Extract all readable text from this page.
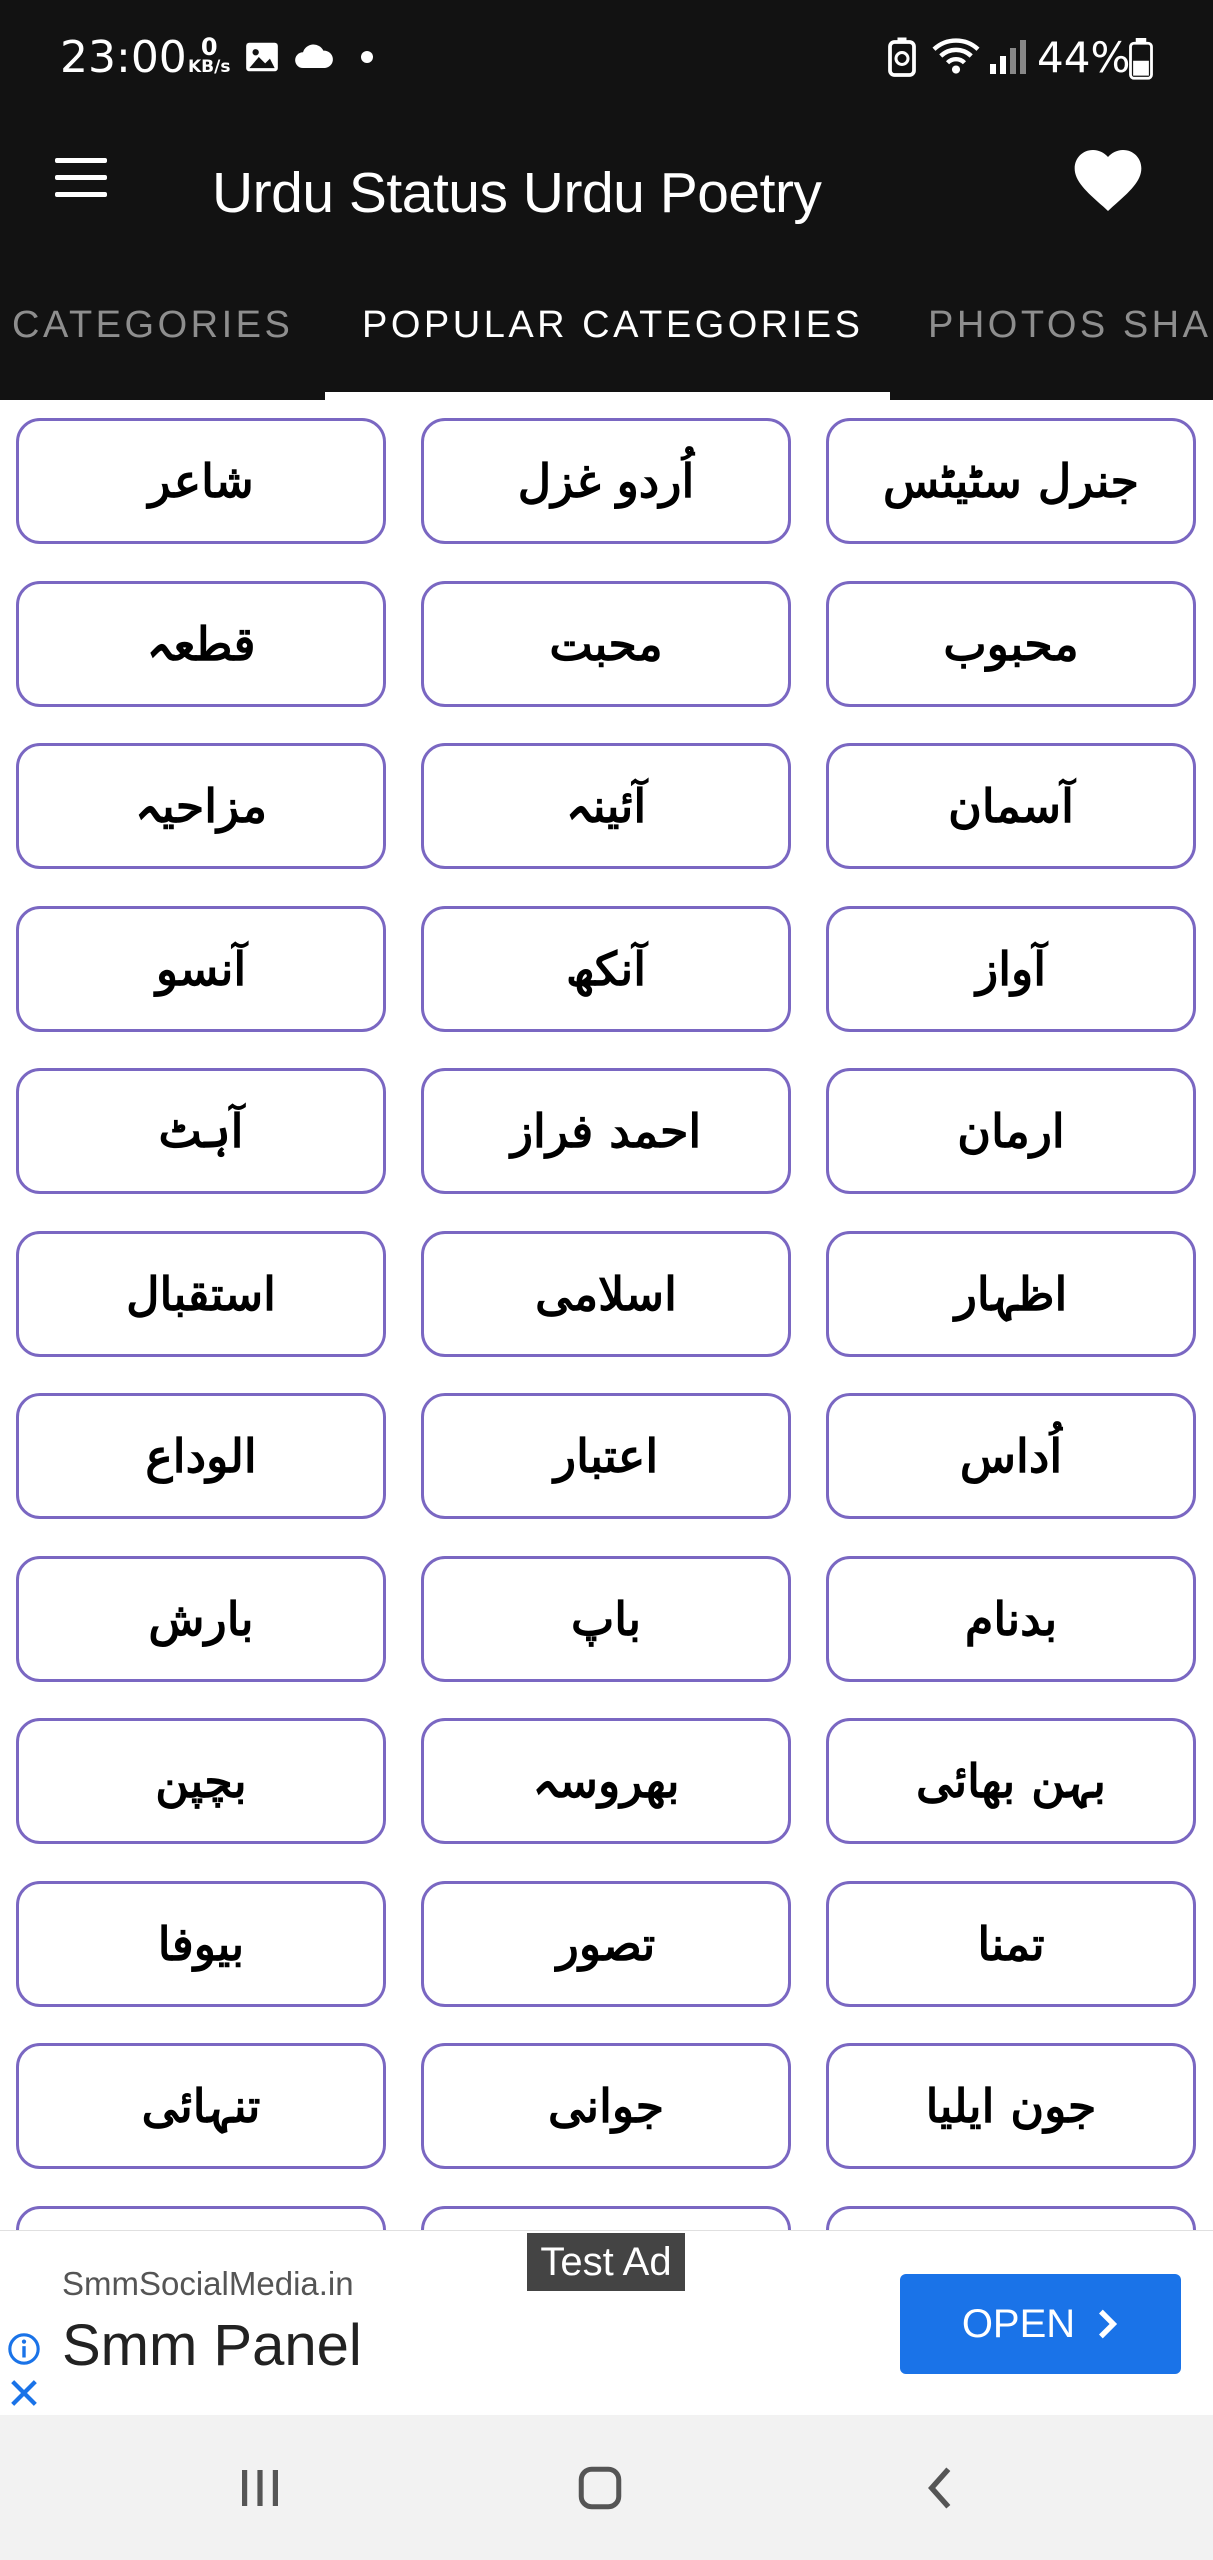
23:00 0
KB/s	44%
Urdu Status Urdu Poetry
CATEGORIES POPULAR CATEGORIES PHOTOS SHA
جنرل سٹیٹس
اُردو غزل
شاعر
محبوب
محبت
قطعہ
آسمان
آئینہ
مزاحیہ
آواز
آنکھ
آنسو
ارمان
احمد فراز
آہٹ
اظہار
اسلامی
استقبال
اُداس
اعتبار
الوداع
بدنام
باپ
بارش
بہن بھائی
بھروسہ
بچپن
تمنا
تصور
بیوفا
جون ایلیا
جوانی
تنہائی
Test Ad
SmmSocialMedia.in
Smm Panel	OPEN
